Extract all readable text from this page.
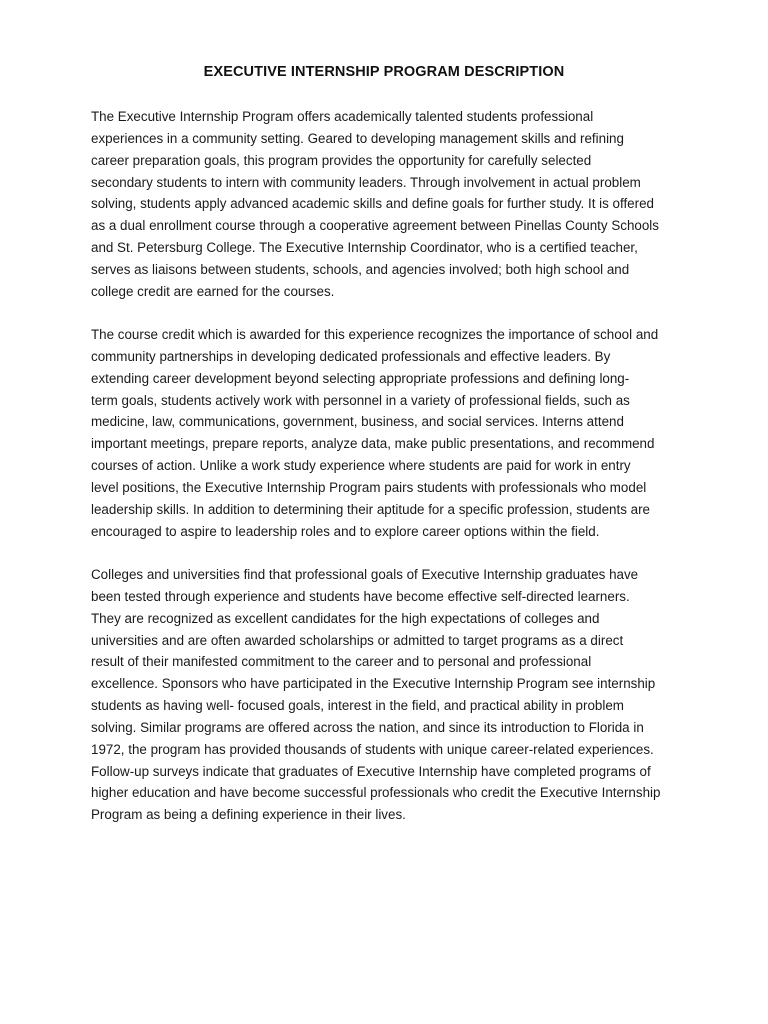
EXECUTIVE INTERNSHIP PROGRAM DESCRIPTION
The Executive Internship Program offers academically talented students professional
experiences in a community setting. Geared to developing management skills and refining
career preparation goals, this program provides the opportunity for carefully selected
secondary students to intern with community leaders. Through involvement in actual problem
solving, students apply advanced academic skills and define goals for further study. It is offered
as a dual enrollment course through a cooperative agreement between Pinellas County Schools
and St. Petersburg College. The Executive Internship Coordinator, who is a certified teacher,
serves as liaisons between students, schools, and agencies involved; both high school and
college credit are earned for the courses.
The course credit which is awarded for this experience recognizes the importance of school and
community partnerships in developing dedicated professionals and effective leaders. By
extending career development beyond selecting appropriate professions and defining long-
term goals, students actively work with personnel in a variety of professional fields, such as
medicine, law, communications, government, business, and social services. Interns attend
important meetings, prepare reports, analyze data, make public presentations, and recommend
courses of action. Unlike a work study experience where students are paid for work in entry
level positions, the Executive Internship Program pairs students with professionals who model
leadership skills. In addition to determining their aptitude for a specific profession, students are
encouraged to aspire to leadership roles and to explore career options within the field.
Colleges and universities find that professional goals of Executive Internship graduates have
been tested through experience and students have become effective self-directed learners.
They are recognized as excellent candidates for the high expectations of colleges and
universities and are often awarded scholarships or admitted to target programs as a direct
result of their manifested commitment to the career and to personal and professional
excellence. Sponsors who have participated in the Executive Internship Program see internship
students as having well- focused goals, interest in the field, and practical ability in problem
solving. Similar programs are offered across the nation, and since its introduction to Florida in
1972, the program has provided thousands of students with unique career-related experiences.
Follow-up surveys indicate that graduates of Executive Internship have completed programs of
higher education and have become successful professionals who credit the Executive Internship
Program as being a defining experience in their lives.
